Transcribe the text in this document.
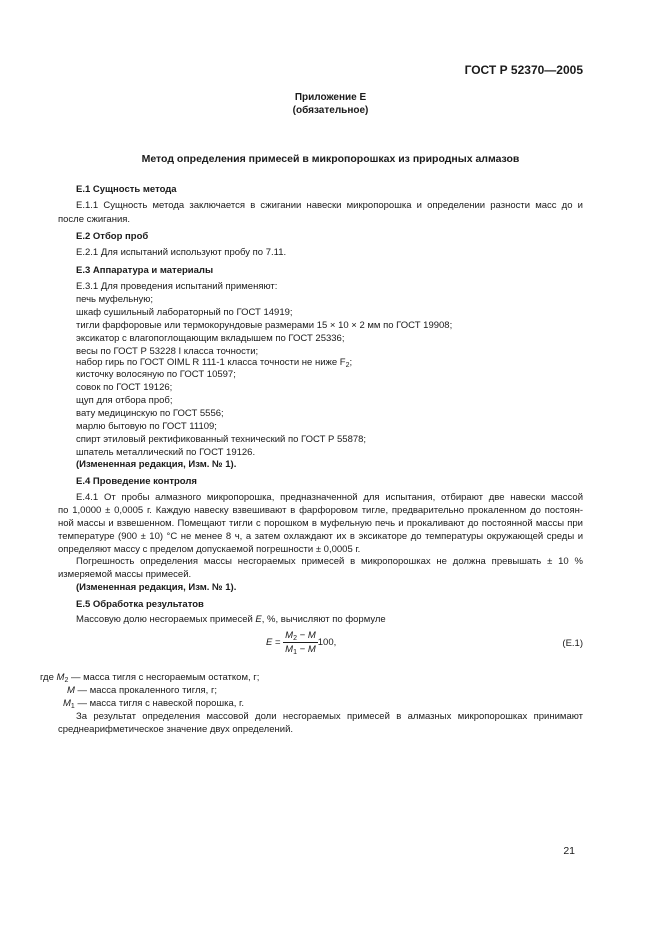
ГОСТ Р 52370—2005
Приложение Е
(обязательное)
Метод определения примесей в микропорошках из природных алмазов
Е.1 Сущность метода
Е.1.1 Сущность метода заключается в сжигании навески микропорошка и определении разности масс до и
после сжигания.
Е.2 Отбор проб
Е.2.1 Для испытаний используют пробу по 7.11.
Е.3 Аппаратура и материалы
Е.3.1 Для проведения испытаний применяют:
печь муфельную;
шкаф сушильный лабораторный по ГОСТ 14919;
тигли фарфоровые или термокорундовые размерами 15 × 10 × 2 мм по ГОСТ 19908;
эксикатор с влагопоглощающим вкладышем по ГОСТ 25336;
весы по ГОСТ Р 53228 I класса точности;
набор гирь по ГОСТ OIML R 111-1 класса точности не ниже $F_2$;
кисточку волосяную по ГОСТ 10597;
совок по ГОСТ 19126;
щуп для отбора проб;
вату медицинскую по ГОСТ 5556;
марлю бытовую по ГОСТ 11109;
спирт этиловый ректификованный технический по ГОСТ Р 55878;
шпатель металлический по ГОСТ 19126.
(Измененная редакция, Изм. № 1).
Е.4 Проведение контроля
Е.4.1 От пробы алмазного микропорошка, предназначенной для испытания, отбирают две навески массой
по 1,0000 ± 0,0005 г. Каждую навеску взвешивают в фарфоровом тигле, предварительно прокаленном до постоян-
ной массы и взвешенном. Помещают тигли с порошком в муфельную печь и прокаливают до постоянной массы при
температуре (900 ± 10) °С не менее 8 ч, а затем охлаждают их в эксикаторе до температуры окружающей среды и
определяют массу с пределом допускаемой погрешности ± 0,0005 г.
Погрешность определения массы несгораемых примесей в микропорошках не должна превышать ± 10 %
измеряемой массы примесей.
(Измененная редакция, Изм. № 1).
Е.5 Обработка результатов
Массовую долю несгораемых примесей Е, %, вычисляют по формуле
$E = \frac{M_2 - M}{M_1 - M} 100$,	(Е.1)
где $M_2$ — масса тигля с несгораемым остатком, г;
M — масса прокаленного тигля, г;
$M_1$ — масса тигля с навеской порошка, г.
За результат определения массовой доли несгораемых примесей в алмазных микропорошках принимают
среднеарифметическое значение двух определений.
21
